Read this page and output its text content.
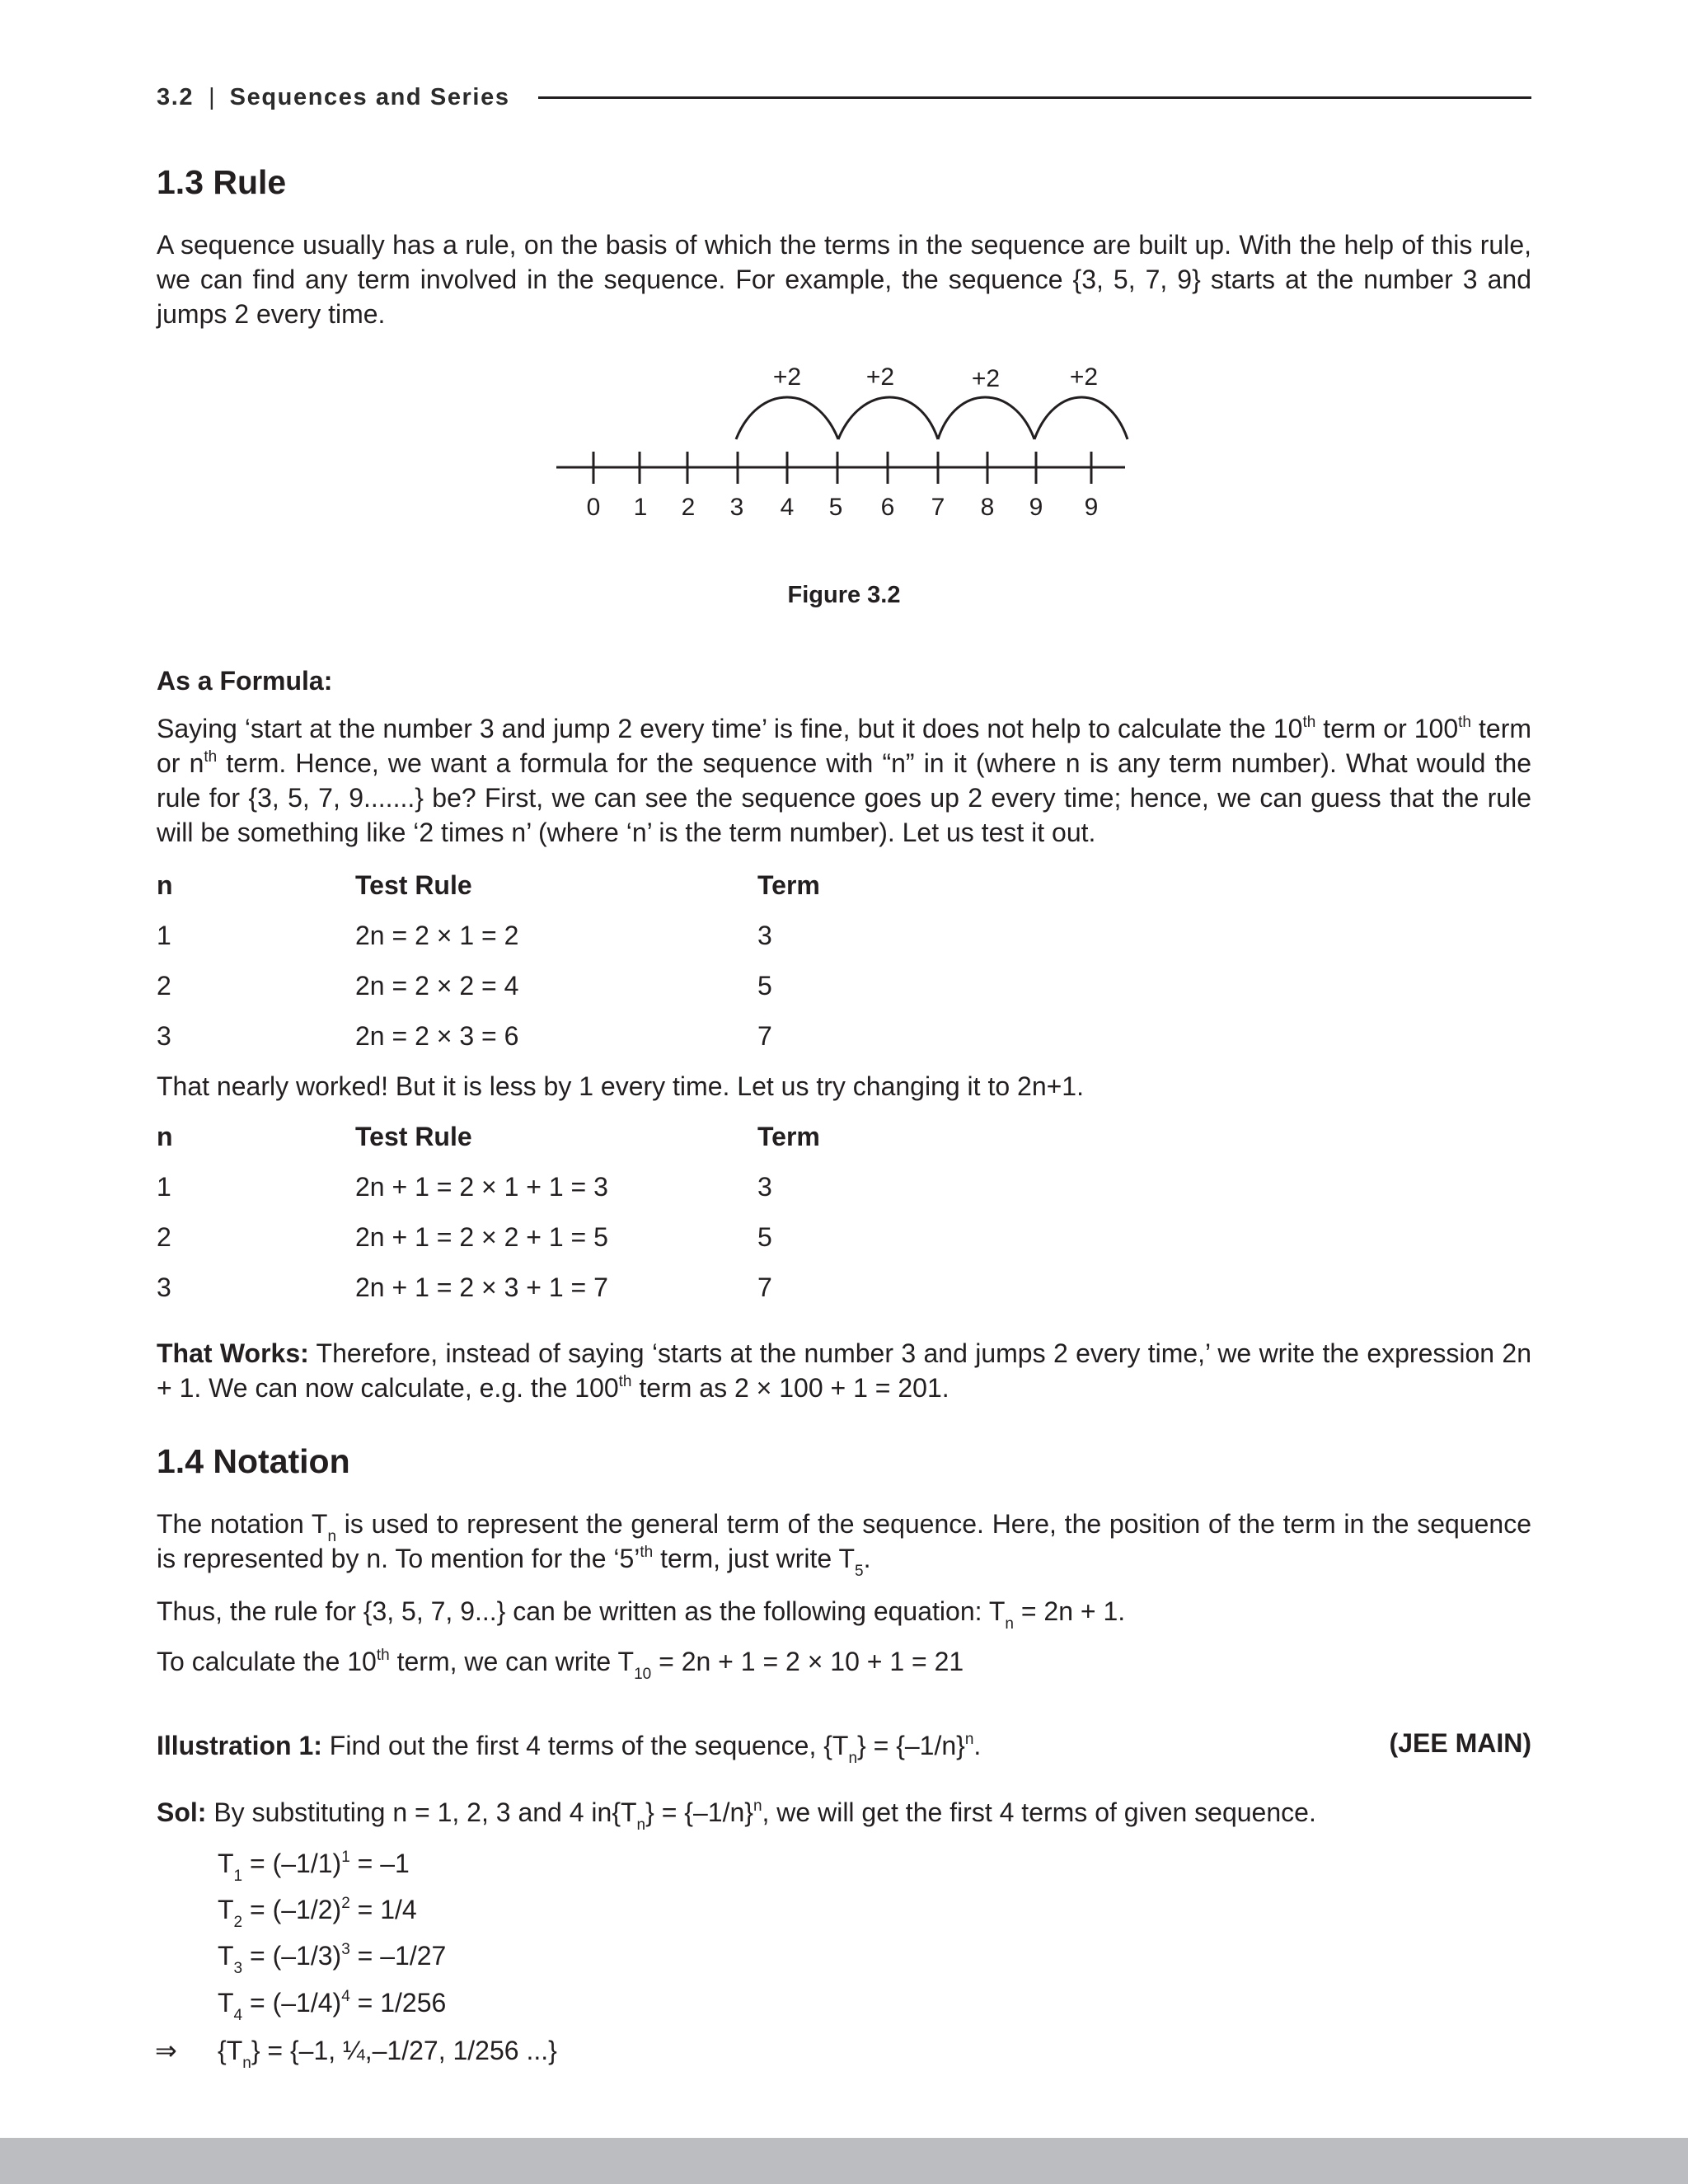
3.2 | Sequences and Series
1.3 Rule

A sequence usually has a rule, on the basis of which the terms in the sequence are built up. With the help of this rule, we can find any term involved in the sequence. For example, the sequence {3, 5, 7, 9} starts at the number 3 and jumps 2 every time.

+2	+2	+2	+2
0 1 2 3 4 5 6 7 8 9 9
Figure 3.2
As a Formula:

Saying ‘start at the number 3 and jump 2 every time’ is fine, but it does not help to calculate the 10th term or 100th term or $n^{th}$ term. Hence, we want a formula for the sequence with “n” in it (where n is any term number). What would the rule for {3, 5, 7, 9.......} be? First, we can see the sequence goes up 2 every time; hence, we can guess that the rule will be something like ‘2 times n’ (where ‘n’ is the term number). Let us test it out.

n	Test Rule	Term
1	2n = 2 × 1 = 2	3
2	2n = 2 × 2 = 4	5
3	2n = 2 × 3 = 6	7
That nearly worked! But it is less by 1 every time. Let us try changing it to 2n+1.
n	Test Rule	Term
1	2n + 1 = 2 × 1 + 1 = 3	3
2	2n + 1 = 2 × 2 + 1 = 5	5
3	2n + 1 = 2 × 3 + 1 = 7	7

That Works: Therefore, instead of saying ‘starts at the number 3 and jumps 2 every time,’ we write the expression 2n + 1. We can now calculate, e.g. the 100th term as 2 × 100 + 1 = 201.

1.4 Notation

The notation $T_n$ is used to represent the general term of the sequence. Here, the position of the term in the sequence is represented by n. To mention for the ‘5’$^{th}$ term, just write $T_5$.

Thus, the rule for {3, 5, 7, 9...} can be written as the following equation: $T_n = 2n + 1$.
To calculate the 10th term, we can write $T_{10} = 2n + 1 = 2 \times 10 + 1 = 21$
Illustration 1: Find out the first 4 terms of the sequence, $\{T_n\} = \{-1/n\}^n$.	(JEE MAIN)
Sol: By substituting n = 1, 2, 3 and 4 $in\{T_n\} = \{-1/n\}^n$, we will get the first 4 terms of given sequence.
$T_1 = (-1/1)^1 = -1$
$T_2 = (-1/2)^2 = 1/4$
$T_3 = (-1/3)^3 = -1/27$
$T_4 = (-1/4)^4 = 1/256$
⇒ $\{T_n\} = \{-1$, ¼,–1/27, 1/256 ...}
